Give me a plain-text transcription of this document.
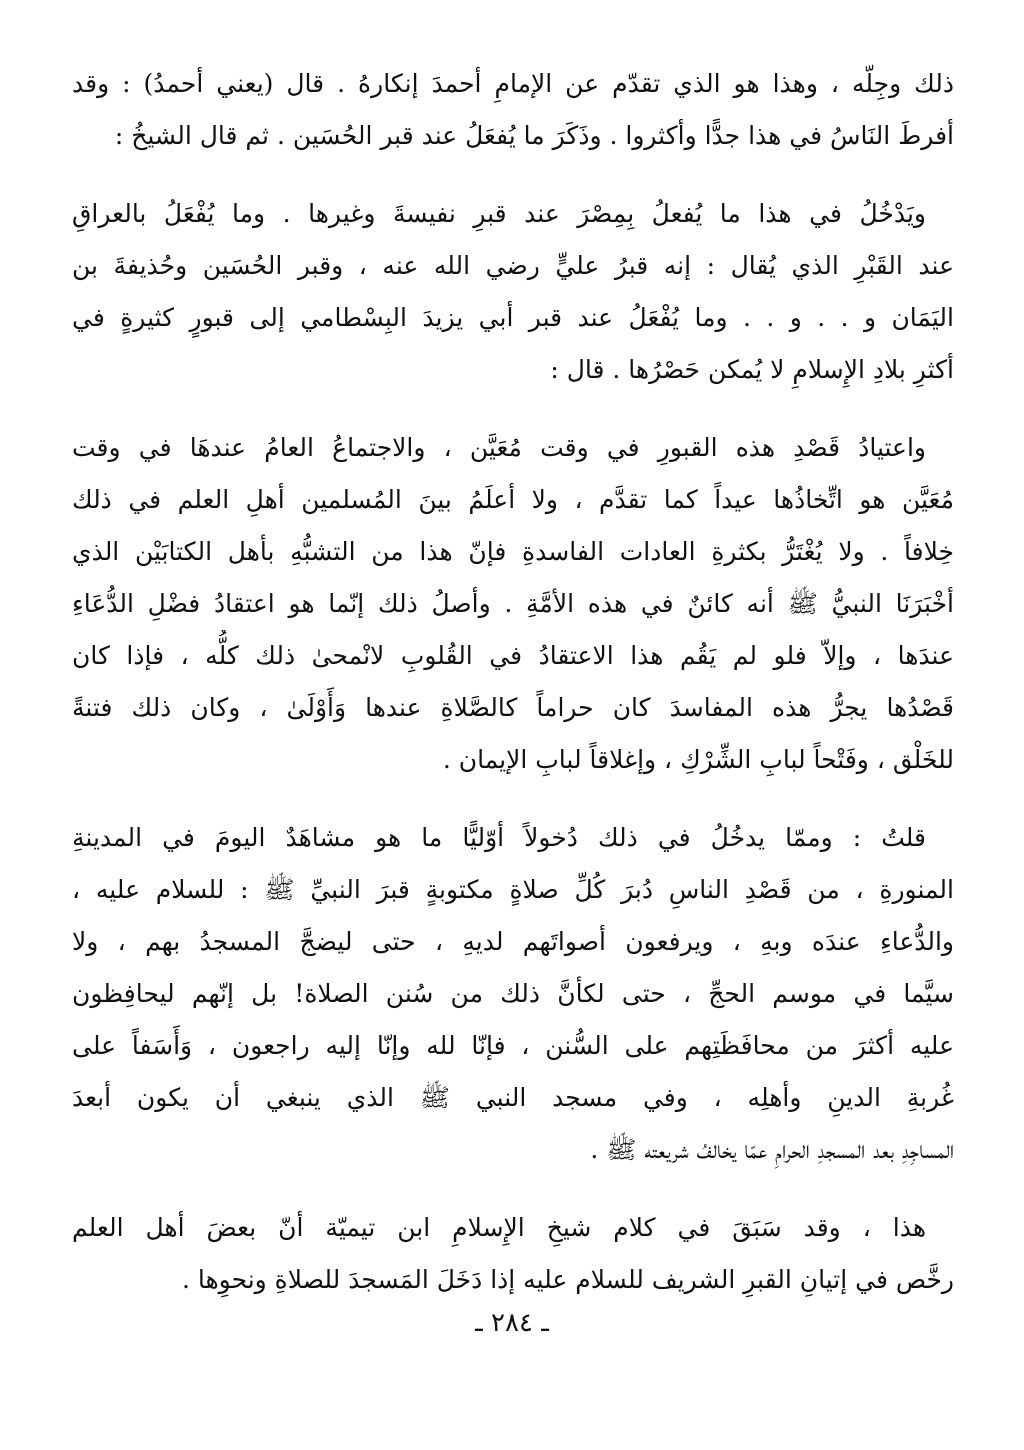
ذلك وجِلّه ، وهذا هو الذي تقدّم عن الإمامِ أحمدَ إنكارهُ . قال (يعني أحمدُ) : وقد
أفرطَ النَاسُ في هذا جدًّا وأكثروا . وذَكَرَ ما يُفعَلُ عند قبر الحُسَين . ثم قال الشيخُ :
ويَدْخُلُ في هذا ما يُفعلُ بِمِصْرَ عند قبرِ نفيسةَ وغيرها . وما يُفْعَلُ بالعراقِ
عند القَبْرِ الذي يُقال : إنه قبرُ عليٍّ رضي الله عنه ، وقبر الحُسَين وحُذيفةَ بن
اليَمَان و . . و . . وما يُفْعَلُ عند قبر أبي يزيدَ البِسْطامي إلى قبورٍ كثيرةٍ في
أكثرِ بلادِ الإِسلامِ لا يُمكن حَصْرُها . قال :
واعتيادُ قَصْدِ هذه القبورِ في وقت مُعَيَّن ، والاجتماعُ العامُ عندهَا في وقت
مُعَيَّن هو اتِّخاذُها عيداً كما تقدَّم ، ولا أعلَمُ بينَ المُسلمين أهلِ العلم في ذلك
خِلافاً . ولا يُغْتَرُّ بكثرةِ العادات الفاسدةِ فإنّ هذا من التشبُّهِ بأهل الكتابَيْن الذي
أخْبَرَنَا النبيُّ ﷺ أنه كائنٌ في هذه الأمَّةِ . وأصلُ ذلك إنّما هو اعتقادُ فضْلِ الدُّعَاءِ
عندَها ، وإلاّ فلو لم يَقُم هذا الاعتقادُ في القُلوبِ لانْمحىٰ ذلك كلُّه ، فإذا كان
قَصْدُها يجرُّ هذه المفاسدَ كان حراماً كالصَّلاةِ عندها وَأَوْلَىٰ ، وكان ذلك فتنةً
للخَلْق ، وفَتْحاً لبابِ الشِّرْكِ ، وإغلاقاً لبابِ الإيمان .
قلتُ : وممّا يدخُلُ في ذلك دُخولاً أوّليًّا ما هو مشاهَدٌ اليومَ في المدينةِ
المنورةِ ، من قَصْدِ الناسِ دُبرَ كُلِّ صلاةٍ مكتوبةٍ قبرَ النبيِّ ﷺ : للسلام عليه ،
والدُّعاءِ عندَه وبهِ ، ويرفعون أصواتَهم لديهِ ، حتى ليضجَّ المسجدُ بهم ، ولا
سيَّما في موسم الحجِّ ، حتى لكأنَّ ذلك من سُنن الصلاة! بل إنّهم ليحافِظون
عليه أكثرَ من محافَظَتِهم على السُّنن ، فإنّا لله وإنّا إليه راجعون ، وَأَسَفاً على
غُربةِ الدينِ وأهلِه ، وفي مسجد النبي ﷺ الذي ينبغي أن يكون أبعدَ
المساجِدِ بعد المسجدِ الحرامِ عمّا يخالفُ شريعته ﷺ .
هذا ، وقد سَبَقَ في كلام شيخِ الإِسلامِ ابن تيميّة أنّ بعضَ أهل العلم
رخَّص في إتيانِ القبرِ الشريف للسلام عليه إذا دَخَلَ المَسجدَ للصلاةِ ونحوِها .
ـ ٢٨٤ ـ
